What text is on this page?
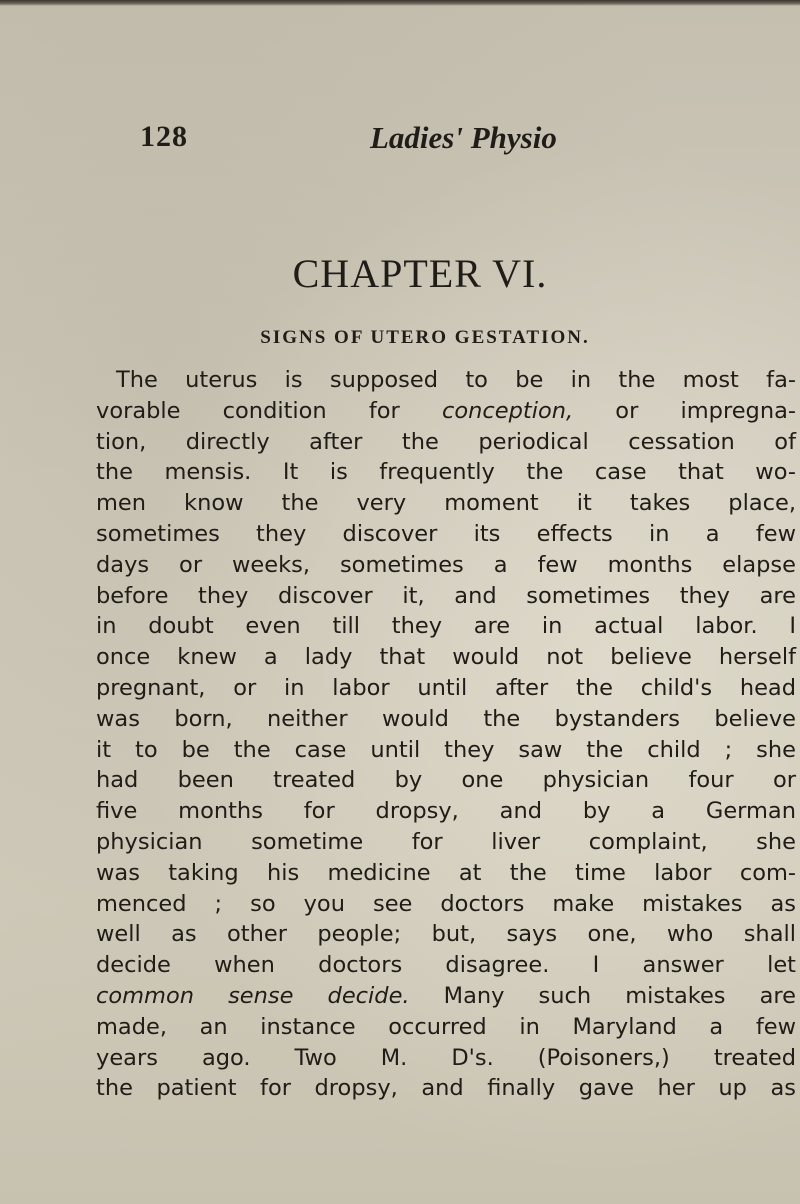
128	Ladies' Physio
CHAPTER VI.
SIGNS OF UTERO GESTATION.
The uterus is supposed to be in the most fa-
vorable condition for conception, or impregna-
tion, directly after the periodical cessation of
the mensis. It is frequently the case that wo-
men know the very moment it takes place,
sometimes they discover its effects in a few
days or weeks, sometimes a few months elapse
before they discover it, and sometimes they are
in doubt even till they are in actual labor. I
once knew a lady that would not believe herself
pregnant, or in labor until after the child's head
was born, neither would the bystanders believe
it to be the case until they saw the child ; she
had been treated by one physician four or
five months for dropsy, and by a German
physician sometime for liver complaint, she
was taking his medicine at the time labor com-
menced ; so you see doctors make mistakes as
well as other people; but, says one, who shall
decide when doctors disagree. I answer let
common sense decide. Many such mistakes are
made, an instance occurred in Maryland a few
years ago. Two M. D's. (Poisoners,) treated
the patient for dropsy, and finally gave her up as
